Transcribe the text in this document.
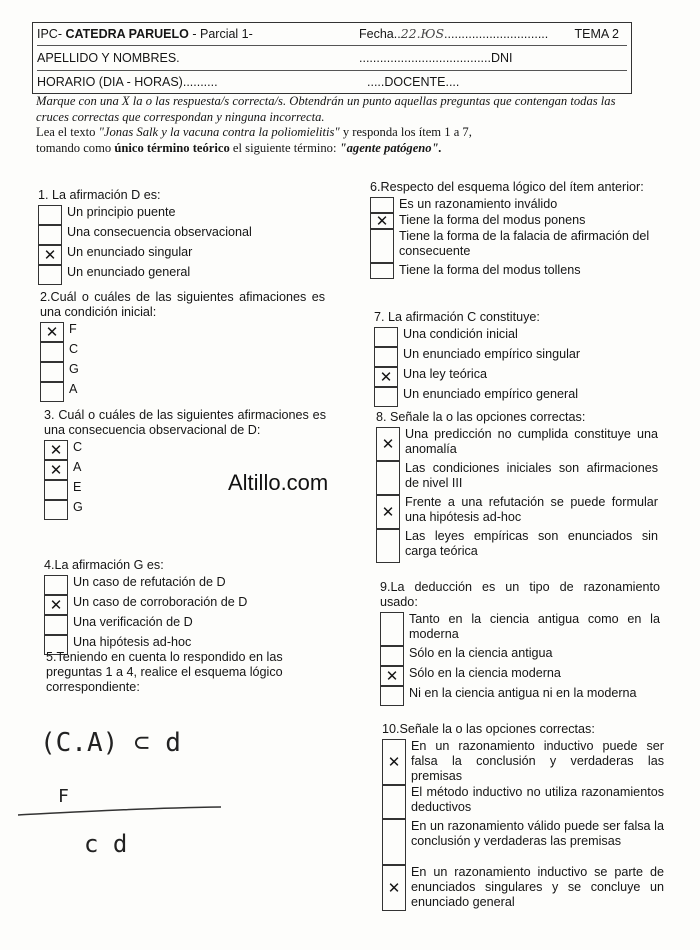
IPC- CATEDRA PARUELO - Parcial 1-	Fecha..22.ЮS.............................. TEMA 2
APELLIDO Y NOMBRES.	......................................DNI
HORARIO (DIA - HORAS)..........	.....DOCENTE....
Marque con una X la o las respuesta/s correcta/s. Obtendrán un punto aquellas preguntas que contengan todas las cruces correctas que correspondan y ninguna incorrecta.
Lea el texto "Jonas Salk y la vacuna contra la poliomielitis" y responda los ítem 1 a 7,
tomando como único término teórico el siguiente término: "agente patógeno".
Altillo.com
1. La afirmación D es:
Un principio puente
Una consecuencia observacional
✕ Un enunciado singular
Un enunciado general
2.Cuál o cuáles de las siguientes afimaciones es una condición inicial:
✕ F
C
G
A
3. Cuál o cuáles de las siguientes afirmaciones es una consecuencia observacional de D:
✕ C
✕ A
E
G
4.La afirmación G es:
Un caso de refutación de D
✕ Un caso de corroboración de D
Una verificación de D
Una hipótesis ad-hoc
5.Teniendo en cuenta lo respondido en las preguntas 1 a 4, realice el esquema lógico correspondiente:
(C.A) ⊂ d
F
c d
6.Respecto del esquema lógico del ítem anterior:
Es un razonamiento inválido
✕ Tiene la forma del modus ponens
Tiene la forma de la falacia de afirmación del consecuente
Tiene la forma del modus tollens
7. La afirmación C constituye:
Una condición inicial
Un enunciado empírico singular
✕ Una ley teórica
Un enunciado empírico general
8. Señale la o las opciones correctas:
✕
Una predicción no cumplida constituye una anomalía
Las condiciones iniciales son afirmaciones de nivel III
✕
Frente a una refutación se puede formular una hipótesis ad-hoc
Las leyes empíricas son enunciados sin carga teórica
9.La deducción es un tipo de razonamiento usado:
Tanto en la ciencia antigua como en la moderna
Sólo en la ciencia antigua
✕ Sólo en la ciencia moderna
Ni en la ciencia antigua ni en la moderna
10.Señale la o las opciones correctas:
✕
En un razonamiento inductivo puede ser falsa la conclusión y verdaderas las premisas
El método inductivo no utiliza razonamientos deductivos
En un razonamiento válido puede ser falsa la conclusión y verdaderas las premisas
✕
En un razonamiento inductivo se parte de enunciados singulares y se concluye un enunciado general
